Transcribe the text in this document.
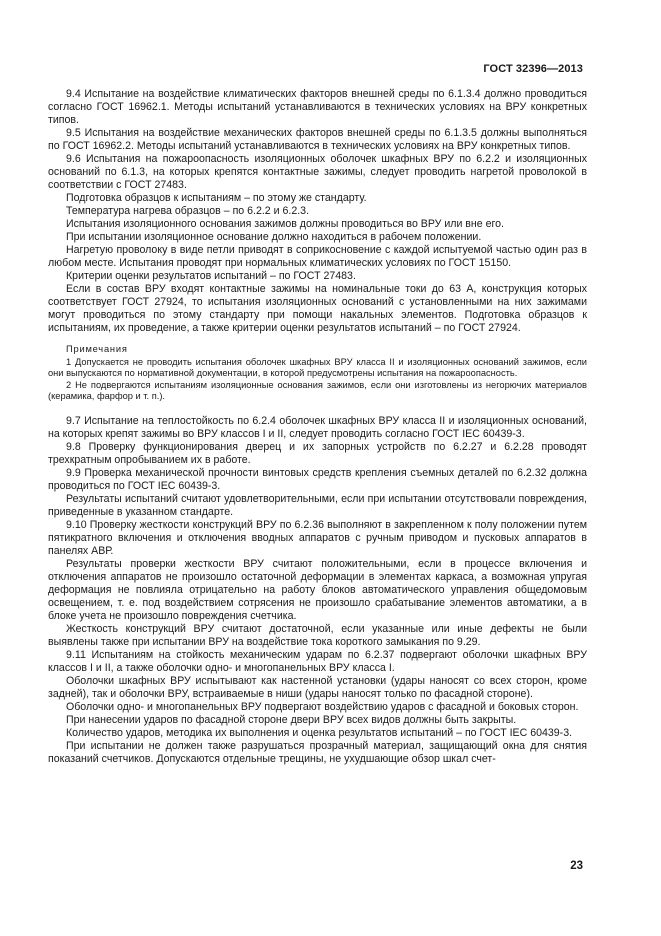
ГОСТ 32396—2013

9.4 Испытание на воздействие климатических факторов внешней среды по 6.1.3.4 должно проводиться согласно ГОСТ 16962.1. Методы испытаний устанавливаются в технических условиях на ВРУ конкретных типов.

9.5 Испытания на воздействие механических факторов внешней среды по 6.1.3.5 должны выполняться по ГОСТ 16962.2. Методы испытаний устанавливаются в технических условиях на ВРУ конкретных типов.

9.6 Испытания на пожароопасность изоляционных оболочек шкафных ВРУ по 6.2.2 и изоляционных оснований по 6.1.3, на которых крепятся контактные зажимы, следует проводить нагретой проволокой в соответствии с ГОСТ 27483.

Подготовка образцов к испытаниям – по этому же стандарту.

Температура нагрева образцов – по 6.2.2 и 6.2.3.

Испытания изоляционного основания зажимов должны проводиться во ВРУ или вне его.

При испытании изоляционное основание должно находиться в рабочем положении.

Нагретую проволоку в виде петли приводят в соприкосновение с каждой испытуемой частью один раз в любом месте. Испытания проводят при нормальных климатических условиях по ГОСТ 15150.

Критерии оценки результатов испытаний – по ГОСТ 27483.

Если в состав ВРУ входят контактные зажимы на номинальные токи до 63 А, конструкция которых соответствует ГОСТ 27924, то испытания изоляционных оснований с установленными на них зажимами могут проводиться по этому стандарту при помощи накальных элементов. Подготовка образцов к испытаниям, их проведение, а также критерии оценки результатов испытаний – по ГОСТ 27924.

Примечания

1 Допускается не проводить испытания оболочек шкафных ВРУ класса II и изоляционных оснований зажимов, если они выпускаются по нормативной документации, в которой предусмотрены испытания на пожароопасность.

2 Не подвергаются испытаниям изоляционные основания зажимов, если они изготовлены из негорючих материалов (керамика, фарфор и т. п.).

9.7 Испытание на теплостойкость по 6.2.4 оболочек шкафных ВРУ класса II и изоляционных оснований, на которых крепят зажимы во ВРУ классов I и II, следует проводить согласно ГОСТ IEC 60439-3.

9.8 Проверку функционирования дверец и их запорных устройств по 6.2.27 и 6.2.28 проводят трехкратным опробыванием их в работе.

9.9 Проверка механической прочности винтовых средств крепления съемных деталей по 6.2.32 должна проводиться по ГОСТ IEC 60439-3.

Результаты испытаний считают удовлетворительными, если при испытании отсутствовали повреждения, приведенные в указанном стандарте.

9.10 Проверку жесткости конструкций ВРУ по 6.2.36 выполняют в закрепленном к полу положении путем пятикратного включения и отключения вводных аппаратов с ручным приводом и пусковых аппаратов в панелях АВР.

Результаты проверки жесткости ВРУ считают положительными, если в процессе включения и отключения аппаратов не произошло остаточной деформации в элементах каркаса, а возможная упругая деформация не повлияла отрицательно на работу блоков автоматического управления общедомовым освещением, т. е. под воздействием сотрясения не произошло срабатывание элементов автоматики, а в блоке учета не произошло повреждения счетчика.

Жесткость конструкций ВРУ считают достаточной, если указанные или иные дефекты не были выявлены также при испытании ВРУ на воздействие тока короткого замыкания по 9.29.

9.11 Испытаниям на стойкость механическим ударам по 6.2.37 подвергают оболочки шкафных ВРУ классов I и II, а также оболочки одно- и многопанельных ВРУ класса I.

Оболочки шкафных ВРУ испытывают как настенной установки (удары наносят со всех сторон, кроме задней), так и оболочки ВРУ, встраиваемые в ниши (удары наносят только по фасадной стороне).

Оболочки одно- и многопанельных ВРУ подвергают воздействию ударов с фасадной и боковых сторон.

При нанесении ударов по фасадной стороне двери ВРУ всех видов должны быть закрыты.

Количество ударов, методика их выполнения и оценка результатов испытаний – по ГОСТ IEC 60439-3.

При испытании не должен также разрушаться прозрачный материал, защищающий окна для снятия показаний счетчиков. Допускаются отдельные трещины, не ухудшающие обзор шкал счет-

23
